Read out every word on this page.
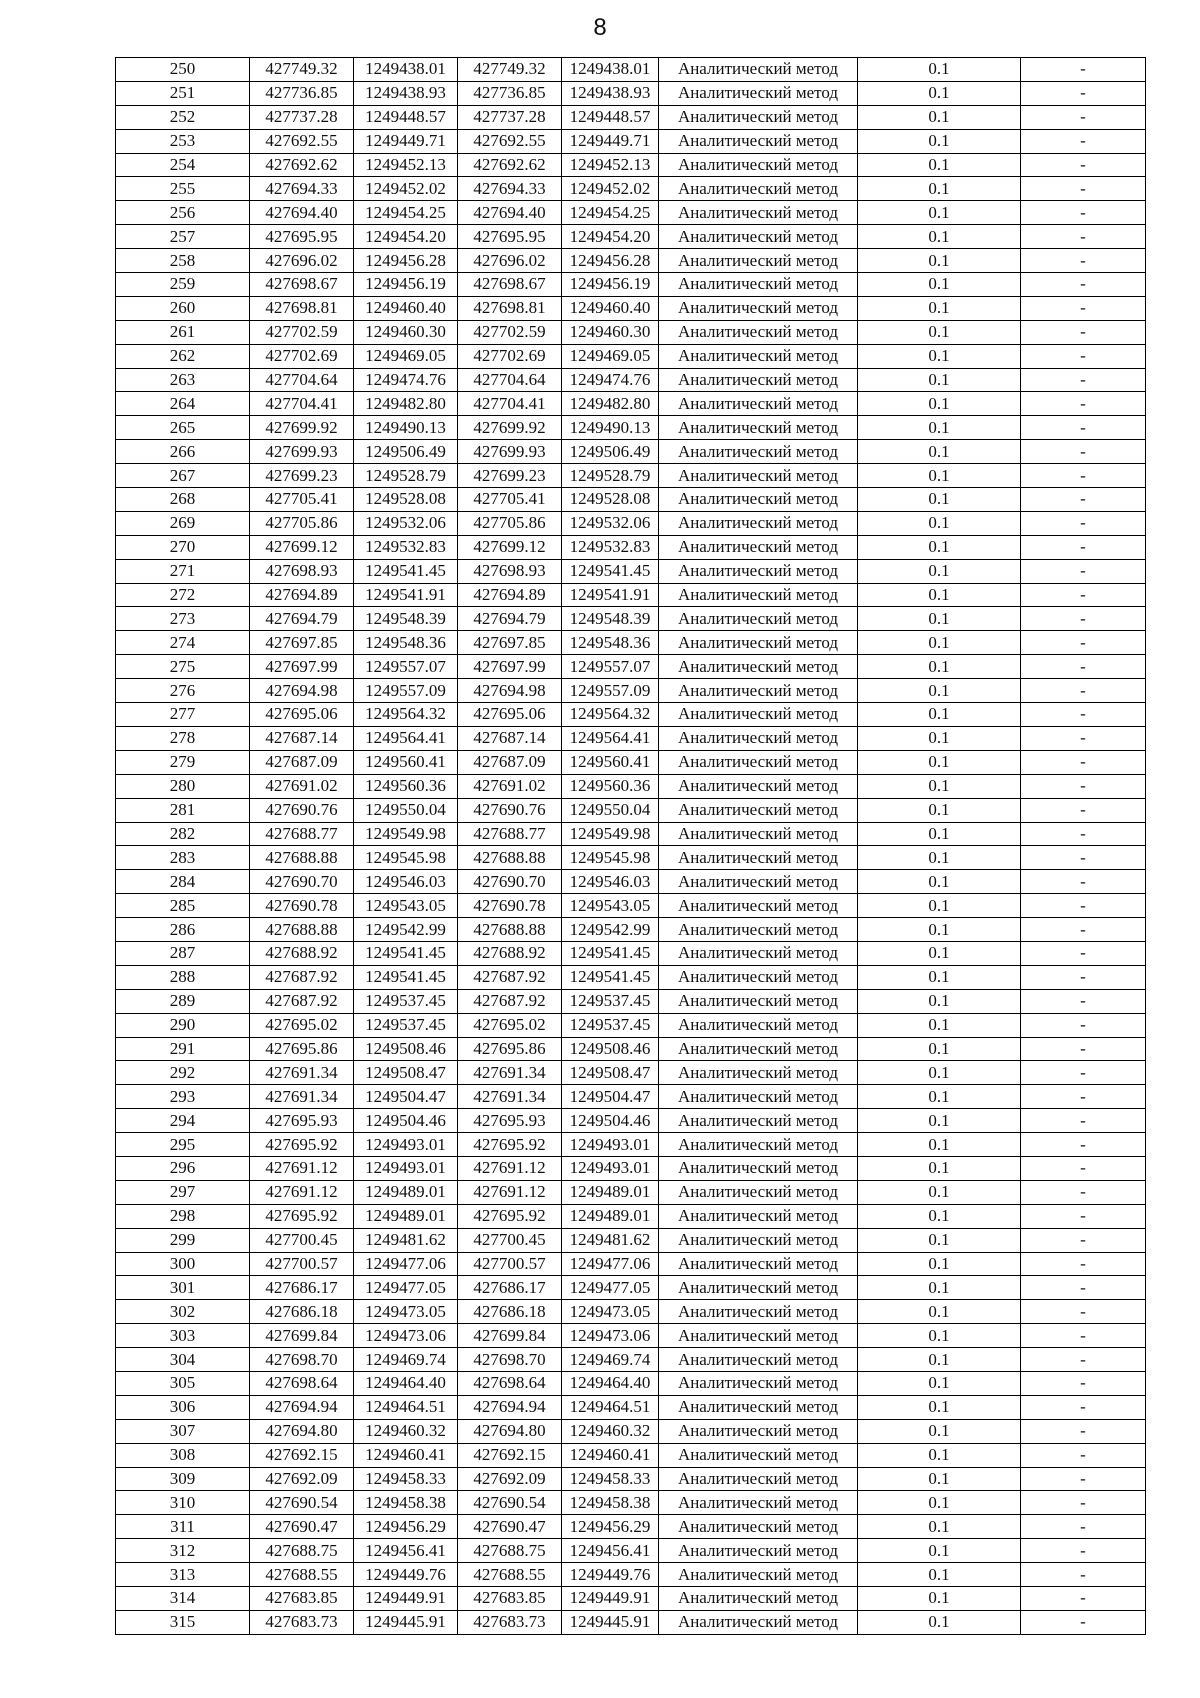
8
250	427749.32	1249438.01	427749.32	1249438.01	Аналитический метод	0.1	-
251	427736.85	1249438.93	427736.85	1249438.93	Аналитический метод	0.1	-
252	427737.28	1249448.57	427737.28	1249448.57	Аналитический метод	0.1	-
253	427692.55	1249449.71	427692.55	1249449.71	Аналитический метод	0.1	-
254	427692.62	1249452.13	427692.62	1249452.13	Аналитический метод	0.1	-
255	427694.33	1249452.02	427694.33	1249452.02	Аналитический метод	0.1	-
256	427694.40	1249454.25	427694.40	1249454.25	Аналитический метод	0.1	-
257	427695.95	1249454.20	427695.95	1249454.20	Аналитический метод	0.1	-
258	427696.02	1249456.28	427696.02	1249456.28	Аналитический метод	0.1	-
259	427698.67	1249456.19	427698.67	1249456.19	Аналитический метод	0.1	-
260	427698.81	1249460.40	427698.81	1249460.40	Аналитический метод	0.1	-
261	427702.59	1249460.30	427702.59	1249460.30	Аналитический метод	0.1	-
262	427702.69	1249469.05	427702.69	1249469.05	Аналитический метод	0.1	-
263	427704.64	1249474.76	427704.64	1249474.76	Аналитический метод	0.1	-
264	427704.41	1249482.80	427704.41	1249482.80	Аналитический метод	0.1	-
265	427699.92	1249490.13	427699.92	1249490.13	Аналитический метод	0.1	-
266	427699.93	1249506.49	427699.93	1249506.49	Аналитический метод	0.1	-
267	427699.23	1249528.79	427699.23	1249528.79	Аналитический метод	0.1	-
268	427705.41	1249528.08	427705.41	1249528.08	Аналитический метод	0.1	-
269	427705.86	1249532.06	427705.86	1249532.06	Аналитический метод	0.1	-
270	427699.12	1249532.83	427699.12	1249532.83	Аналитический метод	0.1	-
271	427698.93	1249541.45	427698.93	1249541.45	Аналитический метод	0.1	-
272	427694.89	1249541.91	427694.89	1249541.91	Аналитический метод	0.1	-
273	427694.79	1249548.39	427694.79	1249548.39	Аналитический метод	0.1	-
274	427697.85	1249548.36	427697.85	1249548.36	Аналитический метод	0.1	-
275	427697.99	1249557.07	427697.99	1249557.07	Аналитический метод	0.1	-
276	427694.98	1249557.09	427694.98	1249557.09	Аналитический метод	0.1	-
277	427695.06	1249564.32	427695.06	1249564.32	Аналитический метод	0.1	-
278	427687.14	1249564.41	427687.14	1249564.41	Аналитический метод	0.1	-
279	427687.09	1249560.41	427687.09	1249560.41	Аналитический метод	0.1	-
280	427691.02	1249560.36	427691.02	1249560.36	Аналитический метод	0.1	-
281	427690.76	1249550.04	427690.76	1249550.04	Аналитический метод	0.1	-
282	427688.77	1249549.98	427688.77	1249549.98	Аналитический метод	0.1	-
283	427688.88	1249545.98	427688.88	1249545.98	Аналитический метод	0.1	-
284	427690.70	1249546.03	427690.70	1249546.03	Аналитический метод	0.1	-
285	427690.78	1249543.05	427690.78	1249543.05	Аналитический метод	0.1	-
286	427688.88	1249542.99	427688.88	1249542.99	Аналитический метод	0.1	-
287	427688.92	1249541.45	427688.92	1249541.45	Аналитический метод	0.1	-
288	427687.92	1249541.45	427687.92	1249541.45	Аналитический метод	0.1	-
289	427687.92	1249537.45	427687.92	1249537.45	Аналитический метод	0.1	-
290	427695.02	1249537.45	427695.02	1249537.45	Аналитический метод	0.1	-
291	427695.86	1249508.46	427695.86	1249508.46	Аналитический метод	0.1	-
292	427691.34	1249508.47	427691.34	1249508.47	Аналитический метод	0.1	-
293	427691.34	1249504.47	427691.34	1249504.47	Аналитический метод	0.1	-
294	427695.93	1249504.46	427695.93	1249504.46	Аналитический метод	0.1	-
295	427695.92	1249493.01	427695.92	1249493.01	Аналитический метод	0.1	-
296	427691.12	1249493.01	427691.12	1249493.01	Аналитический метод	0.1	-
297	427691.12	1249489.01	427691.12	1249489.01	Аналитический метод	0.1	-
298	427695.92	1249489.01	427695.92	1249489.01	Аналитический метод	0.1	-
299	427700.45	1249481.62	427700.45	1249481.62	Аналитический метод	0.1	-
300	427700.57	1249477.06	427700.57	1249477.06	Аналитический метод	0.1	-
301	427686.17	1249477.05	427686.17	1249477.05	Аналитический метод	0.1	-
302	427686.18	1249473.05	427686.18	1249473.05	Аналитический метод	0.1	-
303	427699.84	1249473.06	427699.84	1249473.06	Аналитический метод	0.1	-
304	427698.70	1249469.74	427698.70	1249469.74	Аналитический метод	0.1	-
305	427698.64	1249464.40	427698.64	1249464.40	Аналитический метод	0.1	-
306	427694.94	1249464.51	427694.94	1249464.51	Аналитический метод	0.1	-
307	427694.80	1249460.32	427694.80	1249460.32	Аналитический метод	0.1	-
308	427692.15	1249460.41	427692.15	1249460.41	Аналитический метод	0.1	-
309	427692.09	1249458.33	427692.09	1249458.33	Аналитический метод	0.1	-
310	427690.54	1249458.38	427690.54	1249458.38	Аналитический метод	0.1	-
311	427690.47	1249456.29	427690.47	1249456.29	Аналитический метод	0.1	-
312	427688.75	1249456.41	427688.75	1249456.41	Аналитический метод	0.1	-
313	427688.55	1249449.76	427688.55	1249449.76	Аналитический метод	0.1	-
314	427683.85	1249449.91	427683.85	1249449.91	Аналитический метод	0.1	-
315	427683.73	1249445.91	427683.73	1249445.91	Аналитический метод	0.1	-
